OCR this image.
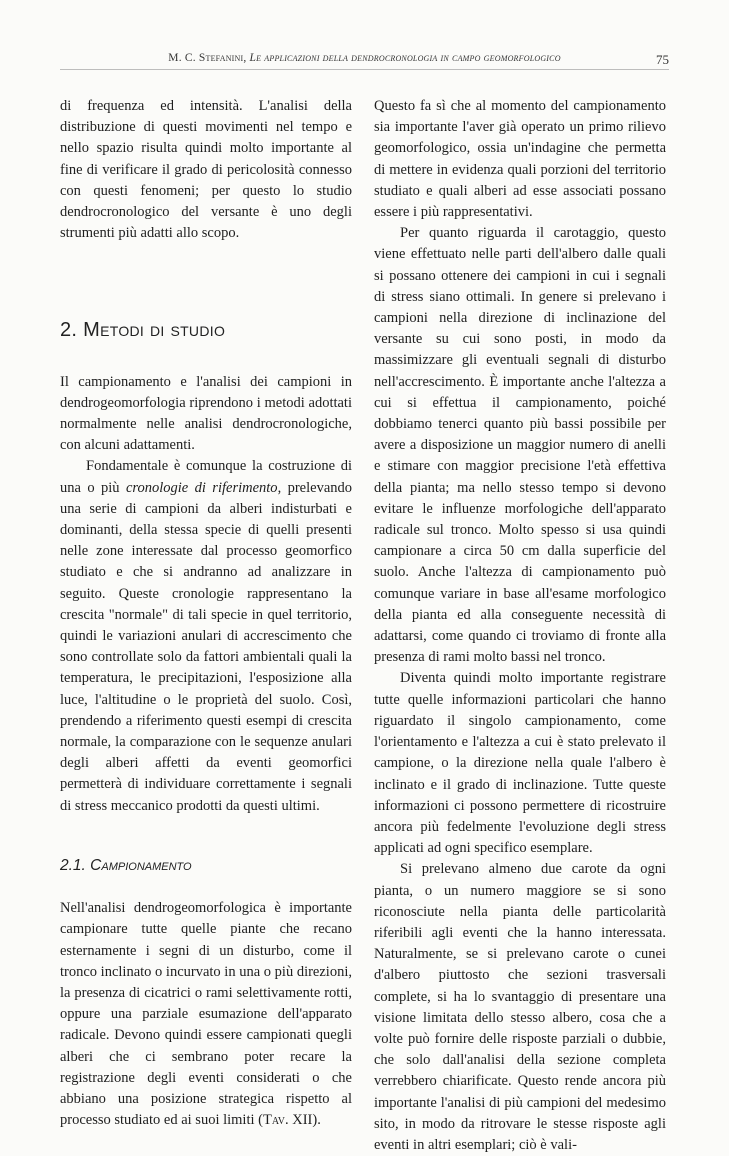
M. C. Stefanini, Le applicazioni della dendrocronologia in campo geomorfologico	75

di frequenza ed intensità. L'analisi della distribuzione di questi movimenti nel tempo e nello spazio risulta quindi molto importante al fine di verificare il grado di pericolosità connesso con questi fenomeni; per questo lo studio dendrocronologico del versante è uno degli strumenti più adatti allo scopo.

2. Metodi di studio

Il campionamento e l'analisi dei campioni in dendrogeomorfologia riprendono i metodi adottati normalmente nelle analisi dendrocronologiche, con alcuni adattamenti.

Fondamentale è comunque la costruzione di una o più cronologie di riferimento, prelevando una serie di campioni da alberi indisturbati e dominanti, della stessa specie di quelli presenti nelle zone interessate dal processo geomorfico studiato e che si andranno ad analizzare in seguito. Queste cronologie rappresentano la crescita "normale" di tali specie in quel territorio, quindi le variazioni anulari di accrescimento che sono controllate solo da fattori ambientali quali la temperatura, le precipitazioni, l'esposizione alla luce, l'altitudine o le proprietà del suolo. Così, prendendo a riferimento questi esempi di crescita normale, la comparazione con le sequenze anulari degli alberi affetti da eventi geomorfici permetterà di individuare correttamente i segnali di stress meccanico prodotti da questi ultimi.

2.1. Campionamento

Nell'analisi dendrogeomorfologica è importante campionare tutte quelle piante che recano esternamente i segni di un disturbo, come il tronco inclinato o incurvato in una o più direzioni, la presenza di cicatrici o rami selettivamente rotti, oppure una parziale esumazione dell'apparato radicale. Devono quindi essere campionati quegli alberi che ci sembrano poter recare la registrazione degli eventi considerati o che abbiano una posizione strategica rispetto al processo studiato ed ai suoi limiti (Tav. XII).

Questo fa sì che al momento del campionamento sia importante l'aver già operato un primo rilievo geomorfologico, ossia un'indagine che permetta di mettere in evidenza quali porzioni del territorio studiato e quali alberi ad esse associati possano essere i più rappresentativi.

Per quanto riguarda il carotaggio, questo viene effettuato nelle parti dell'albero dalle quali si possano ottenere dei campioni in cui i segnali di stress siano ottimali. In genere si prelevano i campioni nella direzione di inclinazione del versante su cui sono posti, in modo da massimizzare gli eventuali segnali di disturbo nell'accrescimento. È importante anche l'altezza a cui si effettua il campionamento, poiché dobbiamo tenerci quanto più bassi possibile per avere a disposizione un maggior numero di anelli e stimare con maggior precisione l'età effettiva della pianta; ma nello stesso tempo si devono evitare le influenze morfologiche dell'apparato radicale sul tronco. Molto spesso si usa quindi campionare a circa 50 cm dalla superficie del suolo. Anche l'altezza di campionamento può comunque variare in base all'esame morfologico della pianta ed alla conseguente necessità di adattarsi, come quando ci troviamo di fronte alla presenza di rami molto bassi nel tronco.

Diventa quindi molto importante registrare tutte quelle informazioni particolari che hanno riguardato il singolo campionamento, come l'orientamento e l'altezza a cui è stato prelevato il campione, o la direzione nella quale l'albero è inclinato e il grado di inclinazione. Tutte queste informazioni ci possono permettere di ricostruire ancora più fedelmente l'evoluzione degli stress applicati ad ogni specifico esemplare.

Si prelevano almeno due carote da ogni pianta, o un numero maggiore se si sono riconosciute nella pianta delle particolarità riferibili agli eventi che la hanno interessata. Naturalmente, se si prelevano carote o cunei d'albero piuttosto che sezioni trasversali complete, si ha lo svantaggio di presentare una visione limitata dello stesso albero, cosa che a volte può fornire delle risposte parziali o dubbie, che solo dall'analisi della sezione completa verrebbero chiarificate. Questo rende ancora più importante l'analisi di più campioni del medesimo sito, in modo da ritrovare le stesse risposte agli eventi in altri esemplari; ciò è vali-
